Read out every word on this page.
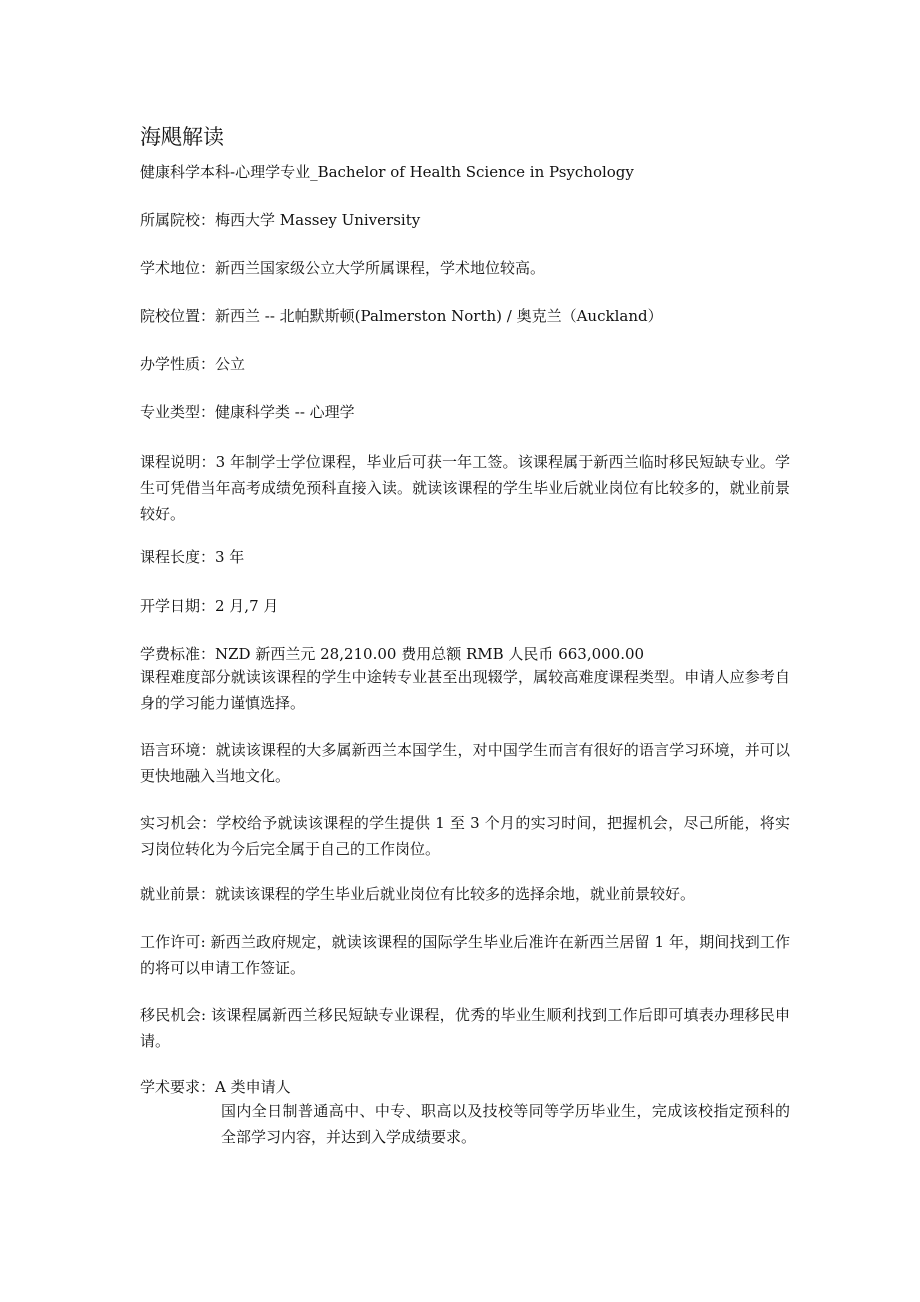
海飓解读
健康科学本科-心理学专业_Bachelor of Health Science in Psychology
所属院校：梅西大学 Massey University
学术地位：新西兰国家级公立大学所属课程，学术地位较高。
院校位置：新西兰 -- 北帕默斯顿(Palmerston North) / 奥克兰（Auckland）
办学性质：公立
专业类型：健康科学类 -- 心理学
课程说明：3 年制学士学位课程，毕业后可获一年工签。该课程属于新西兰临时移民短缺专业。学生可凭借当年高考成绩免预科直接入读。就读该课程的学生毕业后就业岗位有比较多的，就业前景较好。
课程长度：3 年
开学日期：2 月,7 月
学费标准：NZD 新西兰元 28,210.00 费用总额 RMB 人民币 663,000.00
课程难度部分就读该课程的学生中途转专业甚至出现辍学，属较高难度课程类型。申请人应参考自身的学习能力谨慎选择。
语言环境：就读该课程的大多属新西兰本国学生，对中国学生而言有很好的语言学习环境，并可以更快地融入当地文化。
实习机会：学校给予就读该课程的学生提供 1 至 3 个月的实习时间，把握机会，尽己所能，将实习岗位转化为今后完全属于自己的工作岗位。
就业前景：就读该课程的学生毕业后就业岗位有比较多的选择余地，就业前景较好。
工作许可: 新西兰政府规定，就读该课程的国际学生毕业后准许在新西兰居留 1 年，期间找到工作的将可以申请工作签证。
移民机会: 该课程属新西兰移民短缺专业课程，优秀的毕业生顺利找到工作后即可填表办理移民申请。
学术要求：A 类申请人
国内全日制普通高中、中专、职高以及技校等同等学历毕业生，完成该校指定预科的全部学习内容，并达到入学成绩要求。
